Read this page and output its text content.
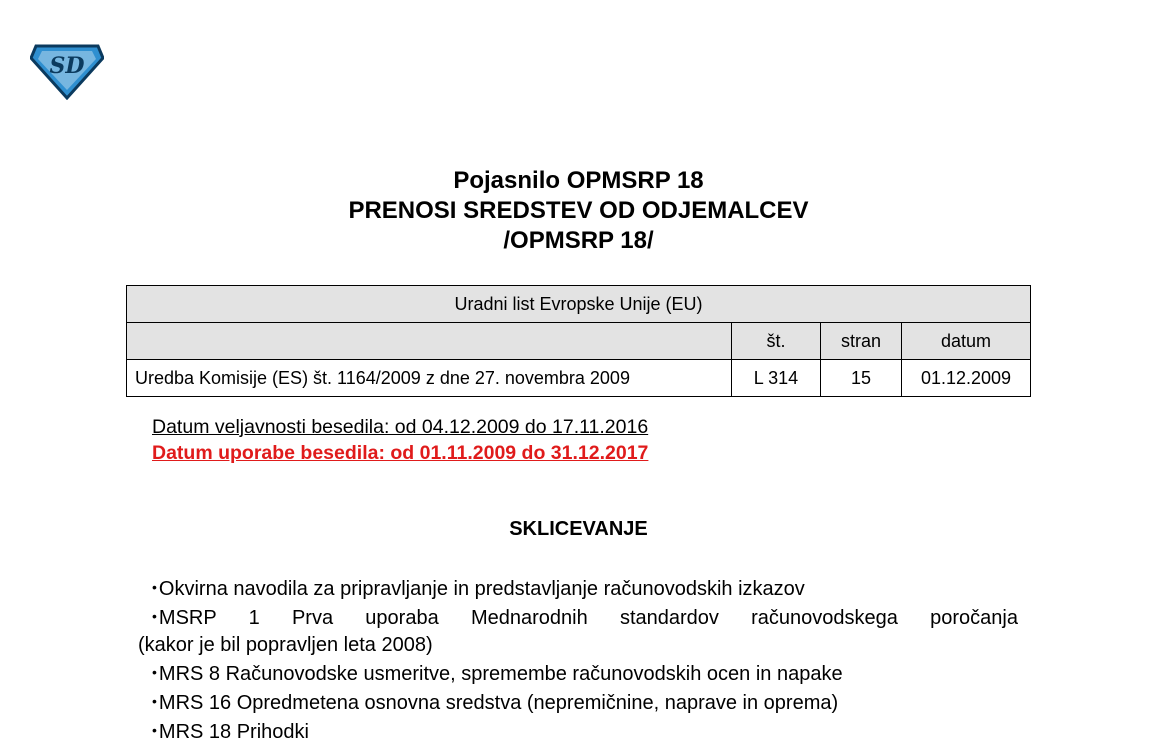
SD
Pojasnilo OPMSRP 18
PRENOSI SREDSTEV OD ODJEMALCEV
/OPMSRP 18/
Uradni list Evropske Unije (EU)			
	št.	stran	datum
Uredba Komisije (ES) št. 1164/2009 z dne 27. novembra 2009	L 314	15	01.12.2009
Datum veljavnosti besedila: od 04.12.2009 do 17.11.2016
Datum uporabe besedila: od 01.11.2009 do 31.12.2017
SKLICEVANJE
• Okvirna navodila za pripravljanje in predstavljanje računovodskih izkazov
• MSRP 1 Prva uporaba Mednarodnih standardov računovodskega poročanja
(kakor je bil popravljen leta 2008)
• MRS 8 Računovodske usmeritve, spremembe računovodskih ocen in napake
• MRS 16 Opredmetena osnovna sredstva (nepremičnine, naprave in oprema)
• MRS 18 Prihodki
